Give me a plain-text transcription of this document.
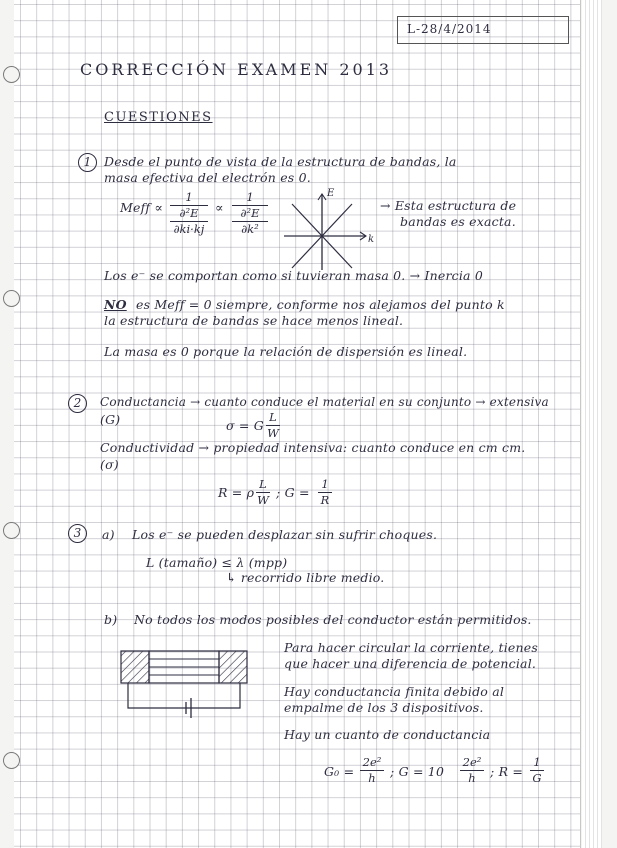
L-28/4/2014
CORRECCIÓN EXAMEN 2013
CUESTIONES
1	Desde el punto de vista de la estructura de bandas, la
masa efectiva del electrón es 0.
Meff ∝
1
∂²E
∂ki·kj
∝
1
∂²E
∂k²
E
k
→ Esta estructura de
bandas es exacta.
Los e⁻ se comportan como si tuvieran masa 0. → Inercia 0
NO es Meff = 0 siempre, conforme nos alejamos del punto k
la estructura de bandas se hace menos lineal.
La masa es 0 porque la relación de dispersión es lineal.
2	Conductancia → cuanto conduce el material en su conjunto → extensiva
(G)	σ = G $\frac{L}{W}$
Conductividad → propiedad intensiva: cuanto conduce en cm cm.
(σ)
R = ρ $\frac{L}{W}$ ; $G = \frac{1}{R}$
3	a) Los e⁻ se pueden desplazar sin sufrir choques.
L (tamaño) ≤ λ (mpp)
↳ recorrido libre medio.
b) No todos los modos posibles del conductor están permitidos.
Para hacer circular la corriente, tienes
que hacer una diferencia de potencial.
Hay conductancia finita debido al
empalme de los 3 dispositivos.
Hay un cuanto de conductancia
$G_0 = \frac{\text{2e²}}{h}$ ; $G = 10 \frac{\text{2e²}}{h}$ ; $R = \frac{1}{G}$
